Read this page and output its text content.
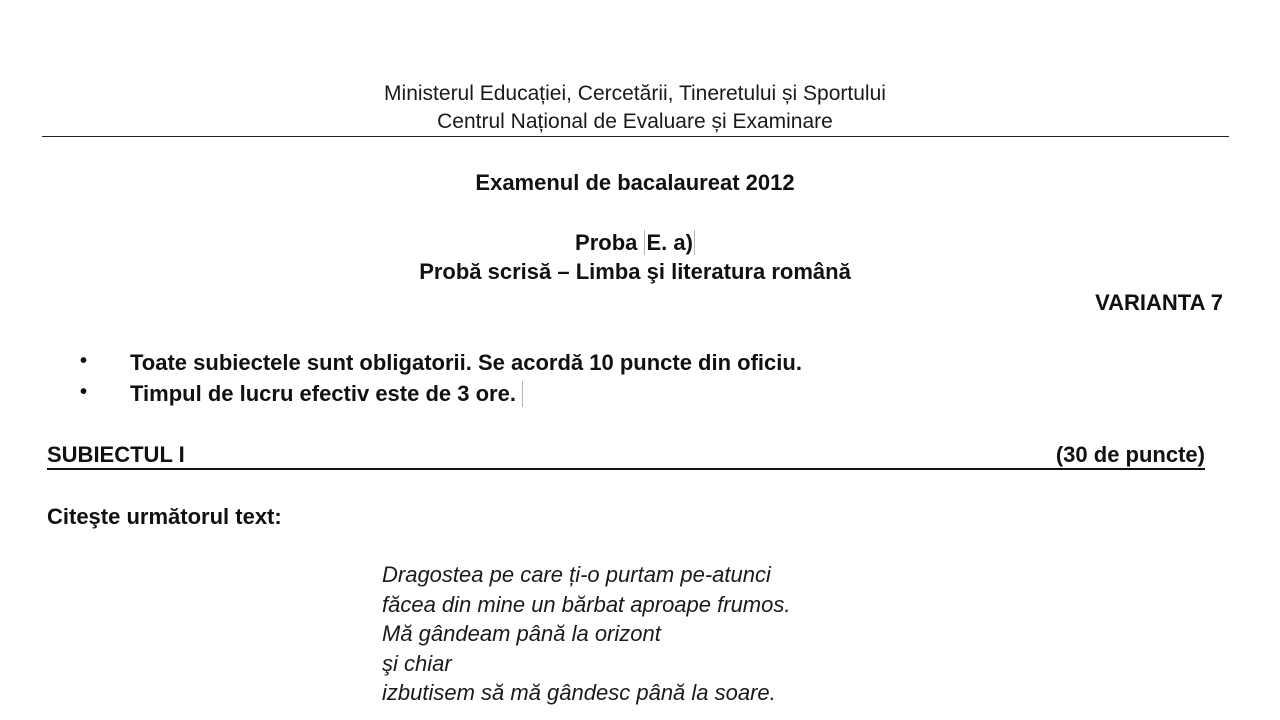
Ministerul Educației, Cercetării, Tineretului și Sportului
Centrul Național de Evaluare și Examinare
Examenul de bacalaureat 2012
Proba E. a)
Probă scrisă – Limba şi literatura română
VARIANTA 7
• Toate subiectele sunt obligatorii. Se acordă 10 puncte din oficiu.
• Timpul de lucru efectiv este de 3 ore.
SUBIECTUL I	(30 de puncte)
Citeşte următorul text:
Dragostea pe care ți-o purtam pe-atunci
făcea din mine un bărbat aproape frumos.
Mă gândeam până la orizont
şi chiar
izbutisem să mă gândesc până la soare.
